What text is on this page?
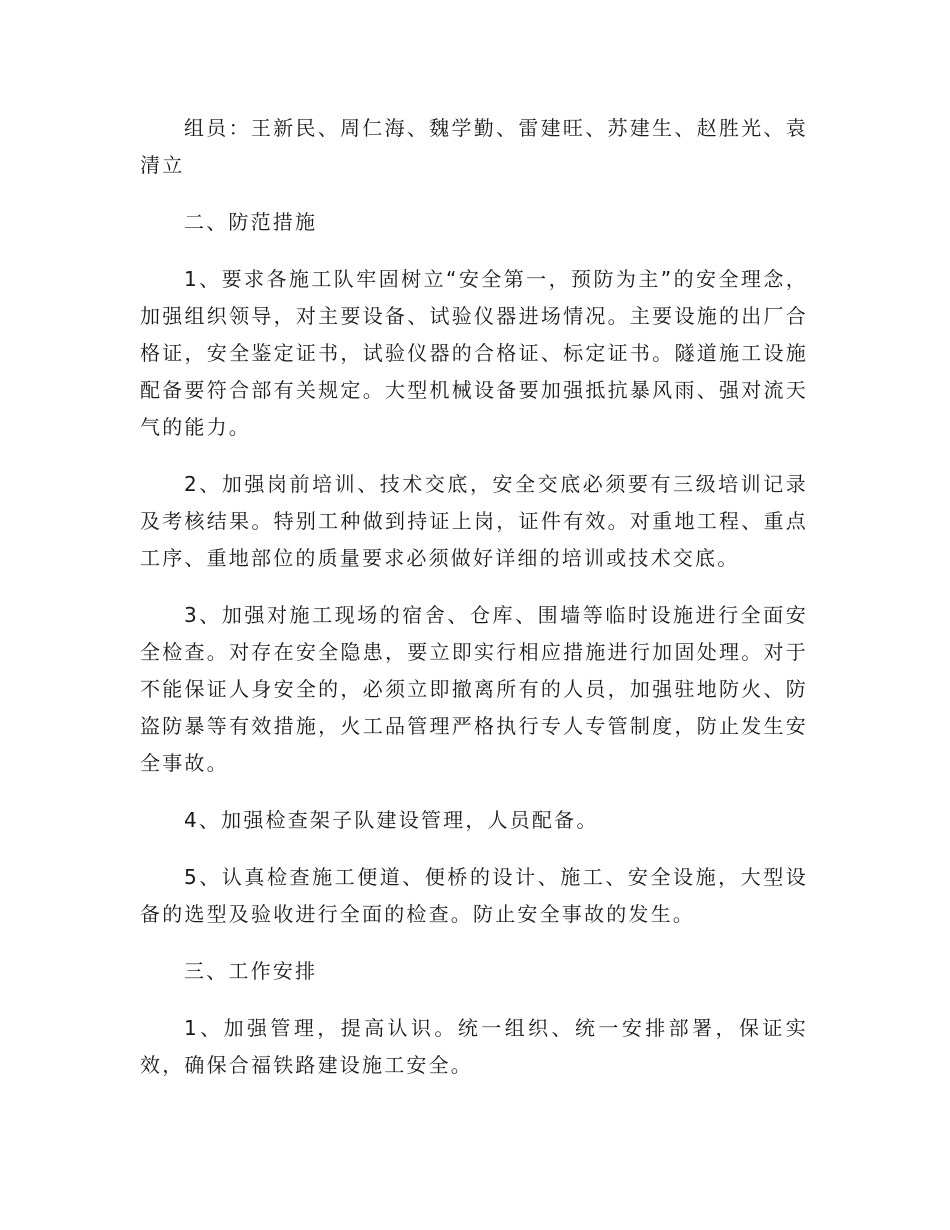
组员：王新民、周仁海、魏学勤、雷建旺、苏建生、赵胜光、袁清立

二、防范措施

1、要求各施工队牢固树立“安全第一，预防为主”的安全理念，加强组织领导，对主要设备、试验仪器进场情况。主要设施的出厂合格证，安全鉴定证书，试验仪器的合格证、标定证书。隧道施工设施配备要符合部有关规定。大型机械设备要加强抵抗暴风雨、强对流天气的能力。

2、加强岗前培训、技术交底，安全交底必须要有三级培训记录及考核结果。特别工种做到持证上岗，证件有效。对重地工程、重点工序、重地部位的质量要求必须做好详细的培训或技术交底。

3、加强对施工现场的宿舍、仓库、围墙等临时设施进行全面安全检查。对存在安全隐患，要立即实行相应措施进行加固处理。对于不能保证人身安全的，必须立即撤离所有的人员，加强驻地防火、防盗防暴等有效措施，火工品管理严格执行专人专管制度，防止发生安全事故。

4、加强检查架子队建设管理，人员配备。

5、认真检查施工便道、便桥的设计、施工、安全设施，大型设备的选型及验收进行全面的检查。防止安全事故的发生。

三、工作安排

1、加强管理，提高认识。统一组织、统一安排部署，保证实效，确保合福铁路建设施工安全。
